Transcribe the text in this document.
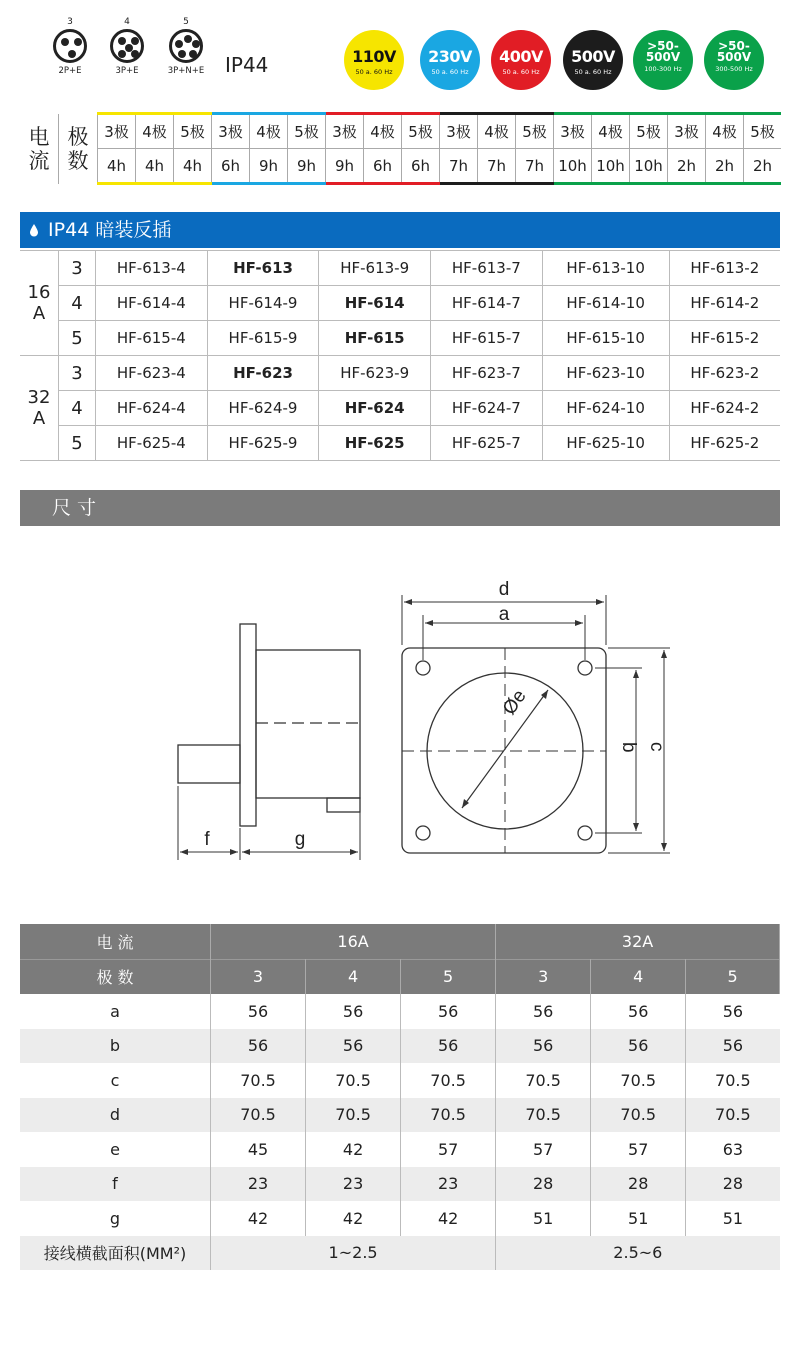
3
2P+E
4
3P+E
5
3P+N+E	IP44	110V
50 a. 60 Hz
230V
50 a. 60 Hz
400V
50 a. 60 Hz
500V
50 a. 60 Hz
>50-
500V
100-300 Hz
>50-
500V
300-500 Hz
电
流	极
数	3极	4极	5极	3极	4极	5极	3极	4极	5极	3极	4极	5极	3极	4极	5极	3极	4极	5极
		4h	4h	4h	6h	9h	9h	9h	6h	6h	7h	7h	7h	10h	10h	10h	2h	2h	2h
IP44 暗装反插
16
A	3	HF-613-4	HF-613	HF-613-9	HF-613-7	HF-613-10	HF-613-2
	4	HF-614-4	HF-614-9	HF-614	HF-614-7	HF-614-10	HF-614-2
	5	HF-615-4	HF-615-9	HF-615	HF-615-7	HF-615-10	HF-615-2
32
A	3	HF-623-4	HF-623	HF-623-9	HF-623-7	HF-623-10	HF-623-2
	4	HF-624-4	HF-624-9	HF-624	HF-624-7	HF-624-10	HF-624-2
	5	HF-625-4	HF-625-9	HF-625	HF-625-7	HF-625-10	HF-625-2
尺 寸
f	g
d
a
Øe
b c
电 流	16A			32A		
极 数	3	4	5	3	4	5
a	56	56	56	56	56	56
b	56	56	56	56	56	56
c	70.5	70.5	70.5	70.5	70.5	70.5
d	70.5	70.5	70.5	70.5	70.5	70.5
e	45	42	57	57	57	63
f	23	23	23	28	28	28
g	42	42	42	51	51	51
接线横截面积(MM²)	1~2.5			2.5~6		
